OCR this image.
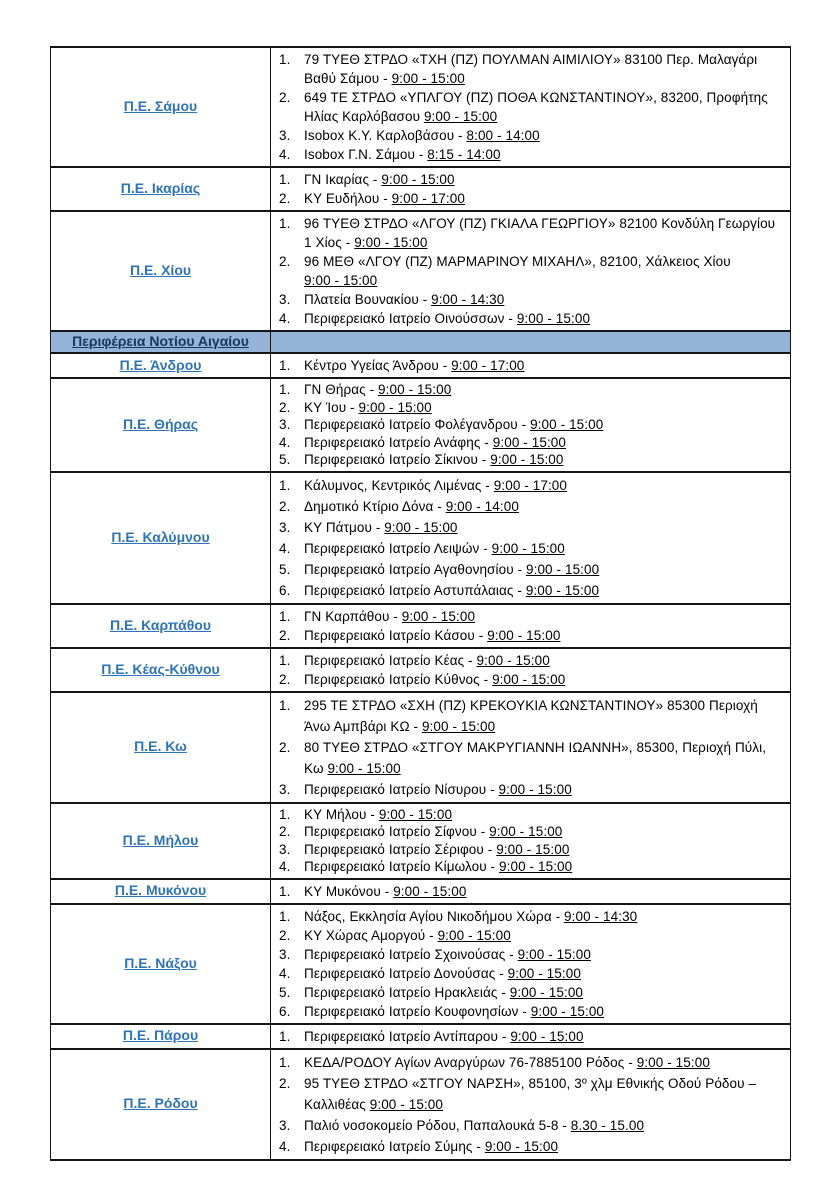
Π.Ε. Σάμου	
1. 79 ΤΥΕΘ ΣΤΡΔΟ «ΤΧΗ (ΠΖ) ΠΟΥΛΜΑΝ ΑΙΜΙΛΙΟΥ» 83100 Περ. Μαλαγάρι Βαθύ Σάμου - 9:00 - 15:00
2. 649 ΤΕ ΣΤΡΔΟ «ΥΠΛΓΟΥ (ΠΖ) ΠΟΘΑ ΚΩΝΣΤΑΝΤΙΝΟΥ», 83200, Προφήτης Ηλίας Καρλόβασου 9:00 - 15:00
3. Isobox Κ.Υ. Καρλοβάσου - 8:00 - 14:00
4. Isobox Γ.Ν. Σάμου - 8:15 - 14:00

Π.Ε. Ικαρίας	
1. ΓΝ Ικαρίας - 9:00 - 15:00
2. ΚΥ Ευδήλου - 9:00 - 17:00

Π.Ε. Χίου	
1. 96 ΤΥΕΘ ΣΤΡΔΟ «ΛΓΟΥ (ΠΖ) ΓΚΙΑΛΑ ΓΕΩΡΓΙΟΥ» 82100 Κονδύλη Γεωργίου 1 Χίος - 9:00 - 15:00
2. 96 ΜΕΘ «ΛΓΟΥ (ΠΖ) ΜΑΡΜΑΡΙΝΟΥ ΜΙΧΑΗΛ», 82100, Χάλκειος Χίου 9:00 - 15:00
3. Πλατεία Βουνακίου - 9:00 - 14:30
4. Περιφερειακό Ιατρείο Οινούσσων - 9:00 - 15:00

Περιφέρεια Νοτίου Αιγαίου	
Π.Ε. Άνδρου	1. Κέντρο Υγείας Άνδρου - 9:00 - 17:00

Π.Ε. Θήρας	
1. ΓΝ Θήρας - 9:00 - 15:00
2. ΚΥ Ίου - 9:00 - 15:00
3. Περιφερειακό Ιατρείο Φολέγανδρου - 9:00 - 15:00
4. Περιφερειακό Ιατρείο Ανάφης - 9:00 - 15:00
5. Περιφερειακό Ιατρείο Σίκινου - 9:00 - 15:00

Π.Ε. Καλύμνου	
1. Κάλυμνος, Κεντρικός Λιμένας - 9:00 - 17:00
2. Δημοτικό Κτίριο Δόνα - 9:00 - 14:00
3. ΚΥ Πάτμου - 9:00 - 15:00
4. Περιφερειακό Ιατρείο Λειψών - 9:00 - 15:00
5. Περιφερειακό Ιατρείο Αγαθονησίου - 9:00 - 15:00
6. Περιφερειακό Ιατρείο Αστυπάλαιας - 9:00 - 15:00

Π.Ε. Καρπάθου	
1. ΓΝ Καρπάθου - 9:00 - 15:00
2. Περιφερειακό Ιατρείο Κάσου - 9:00 - 15:00

Π.Ε. Κέας-Κύθνου	
1. Περιφερειακό Ιατρείο Κέας - 9:00 - 15:00
2. Περιφερειακό Ιατρείο Κύθνος - 9:00 - 15:00

Π.Ε. Κω	
1. 295 ΤΕ ΣΤΡΔΟ «ΣΧΗ (ΠΖ) ΚΡΕΚΟΥΚΙΑ ΚΩΝΣΤΑΝΤΙΝΟΥ» 85300 Περιοχή Άνω Αμπβάρι ΚΩ - 9:00 - 15:00
2. 80 ΤΥΕΘ ΣΤΡΔΟ «ΣΤΓΟΥ ΜΑΚΡΥΓΙΑΝΝΗ ΙΩΑΝΝΗ», 85300, Περιοχή Πύλι, Κω 9:00 - 15:00
3. Περιφερειακό Ιατρείο Νίσυρου - 9:00 - 15:00

Π.Ε. Μήλου	
1. ΚΥ Μήλου - 9:00 - 15:00
2. Περιφερειακό Ιατρείο Σίφνου - 9:00 - 15:00
3. Περιφερειακό Ιατρείο Σέριφου - 9:00 - 15:00
4. Περιφερειακό Ιατρείο Κίμωλου - 9:00 - 15:00

Π.Ε. Μυκόνου	1. ΚΥ Μυκόνου - 9:00 - 15:00

Π.Ε. Νάξου	
1. Νάξος, Εκκλησία Αγίου Νικοδήμου Χώρα - 9:00 - 14:30
2. ΚΥ Χώρας Αμοργού - 9:00 - 15:00
3. Περιφερειακό Ιατρείο Σχοινούσας - 9:00 - 15:00
4. Περιφερειακό Ιατρείο Δονούσας - 9:00 - 15:00
5. Περιφερειακό Ιατρείο Ηρακλειάς - 9:00 - 15:00
6. Περιφερειακό Ιατρείο Κουφονησίων - 9:00 - 15:00

Π.Ε. Πάρου	1. Περιφερειακό Ιατρείο Αντίπαρου - 9:00 - 15:00

Π.Ε. Ρόδου	
1. ΚΕΔΑ/ΡΟΔΟΥ Αγίων Αναργύρων 76-7885100 Ρόδος - 9:00 - 15:00
2. 95 ΤΥΕΘ ΣΤΡΔΟ «ΣΤΓΟΥ ΝΑΡΣΗ», 85100, 3º χλμ Εθνικής Οδού Ρόδου – Καλλιθέας 9:00 - 15:00
3. Παλιό νοσοκομείο Ρόδου, Παπαλουκά 5-8 - 8.30 - 15.00
4. Περιφερειακό Ιατρείο Σύμης - 9:00 - 15:00
